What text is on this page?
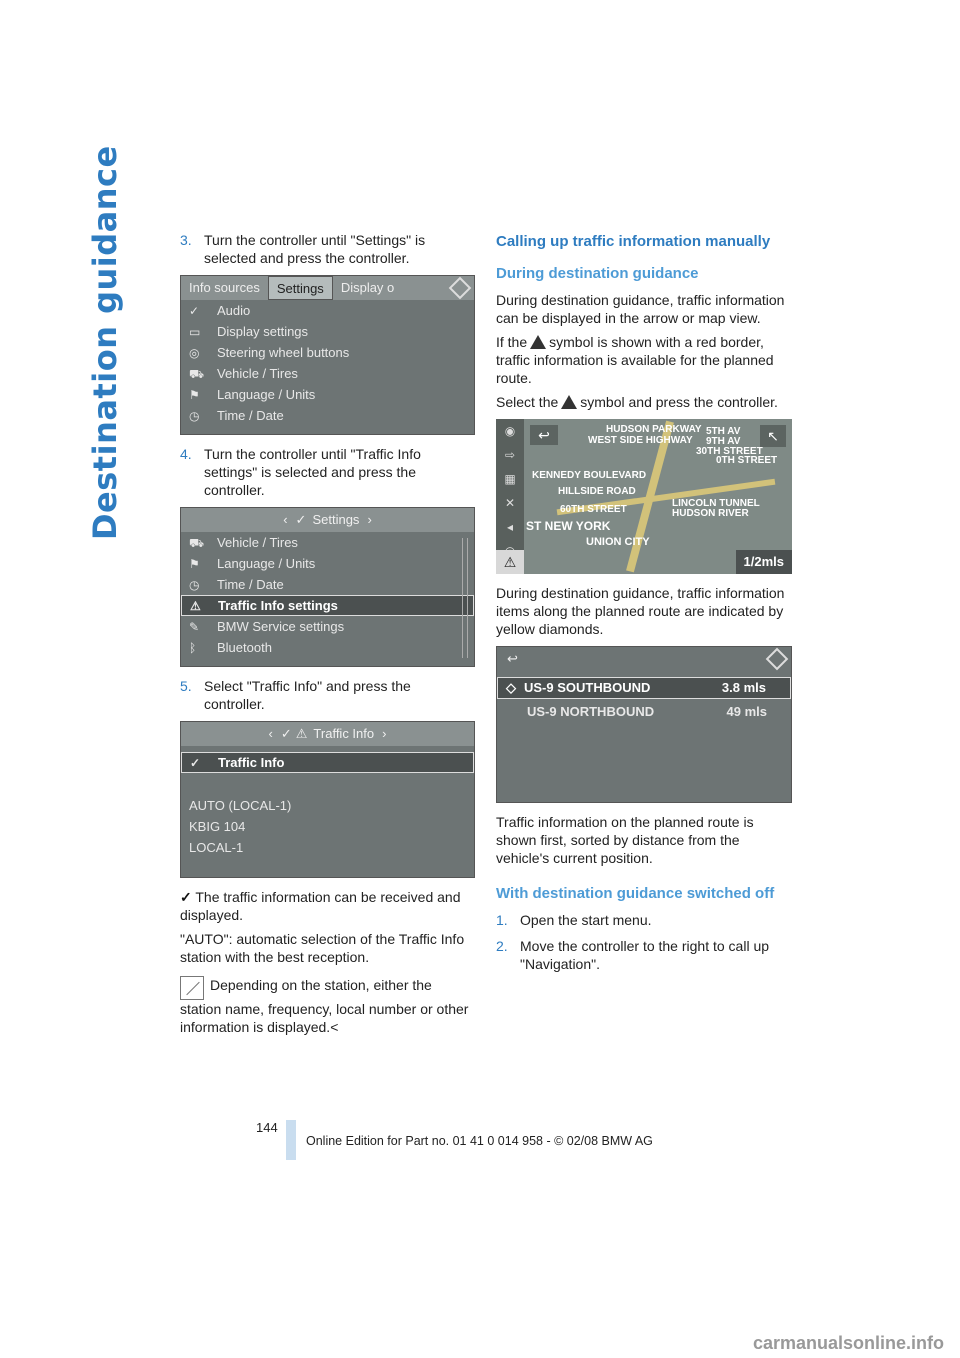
Destination guidance	3. Turn the controller until "Settings" is selected and press the controller.
Info sources	Settings	Display o
✓	Audio
▭	Display settings
◎	Steering wheel buttons
⛟ Vehicle / Tires
⚑	Language / Units
◷	Time / Date
4. Turn the controller until "Traffic Info settings" is selected and press the controller.
‹ ✓ Settings ›
⛟ Vehicle / Tires
⚑	Language / Units
◷	Time / Date
⚠	Traffic Info settings
✎	BMW Service settings
ᛒ	Bluetooth
5. Select "Traffic Info" and press the controller.
‹ ✓ ⚠ Traffic Info ›
✓	Traffic Info
AUTO (LOCAL-1)
KBIG 104
LOCAL-1

✓ The traffic information can be received and displayed.

"AUTO": automatic selection of the Traffic Info station with the best reception.

Depending on the station, either the station name, frequency, local number or other information is displayed.<

Calling up traffic information manually
During destination guidance

During destination guidance, traffic information can be displayed in the arrow or map view.

If the symbol is shown with a red border, traffic information is available for the planned route.

Select the symbol and press the controller.

◉
⇨
▦
✕
◂
↩	↖
HUDSON PARKWAY
WEST SIDE HIGHWAY
KENNEDY BOULEVARD
HILLSIDE ROAD
60TH STREET
LINCOLN TUNNEL
HUDSON RIVER
ST NEW YORK
UNION CITY
5TH AV
9TH AV
30TH STREET
0TH STREET
⚠	1/2mls

During destination guidance, traffic information items along the planned route are indicated by yellow diamonds.

↩
◇ US-9 SOUTHBOUND	3.8 mls
US-9 NORTHBOUND	49 mls

Traffic information on the planned route is shown first, sorted by distance from the vehicle's current position.

With destination guidance switched off
1. Open the start menu.
2. Move the controller to the right to call up "Navigation".
144
Online Edition for Part no. 01 41 0 014 958 - © 02/08 BMW AG
carmanualsonline.info
